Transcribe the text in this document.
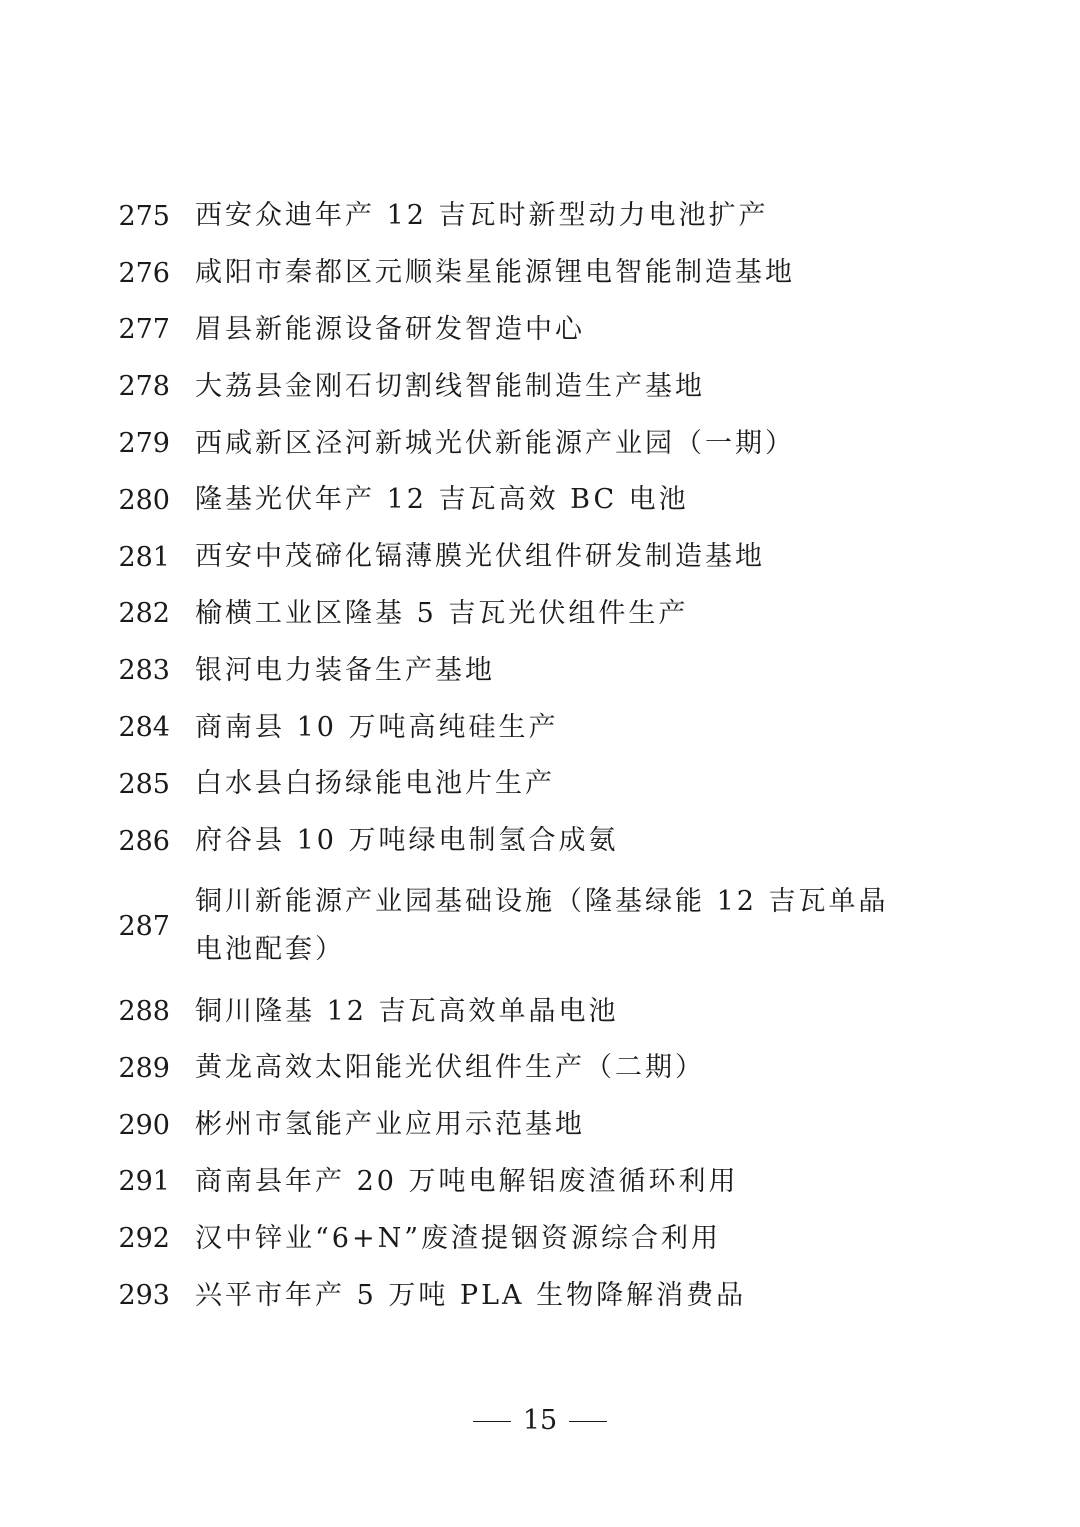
275 西安众迪年产 12 吉瓦时新型动力电池扩产
276 咸阳市秦都区元顺柒星能源锂电智能制造基地
277 眉县新能源设备研发智造中心
278 大荔县金刚石切割线智能制造生产基地
279 西咸新区泾河新城光伏新能源产业园（一期）
280 隆基光伏年产 12 吉瓦高效 BC 电池
281 西安中茂碲化镉薄膜光伏组件研发制造基地
282 榆横工业区隆基 5 吉瓦光伏组件生产
283 银河电力装备生产基地
284 商南县 10 万吨高纯硅生产
285 白水县白扬绿能电池片生产
286 府谷县 10 万吨绿电制氢合成氨
287
铜川新能源产业园基础设施（隆基绿能 12 吉瓦单晶电池配套）
288 铜川隆基 12 吉瓦高效单晶电池
289 黄龙高效太阳能光伏组件生产（二期）
290 彬州市氢能产业应用示范基地
291 商南县年产 20 万吨电解铝废渣循环利用
292 汉中锌业“6+N”废渣提铟资源综合利用
293 兴平市年产 5 万吨 PLA 生物降解消费品
15
